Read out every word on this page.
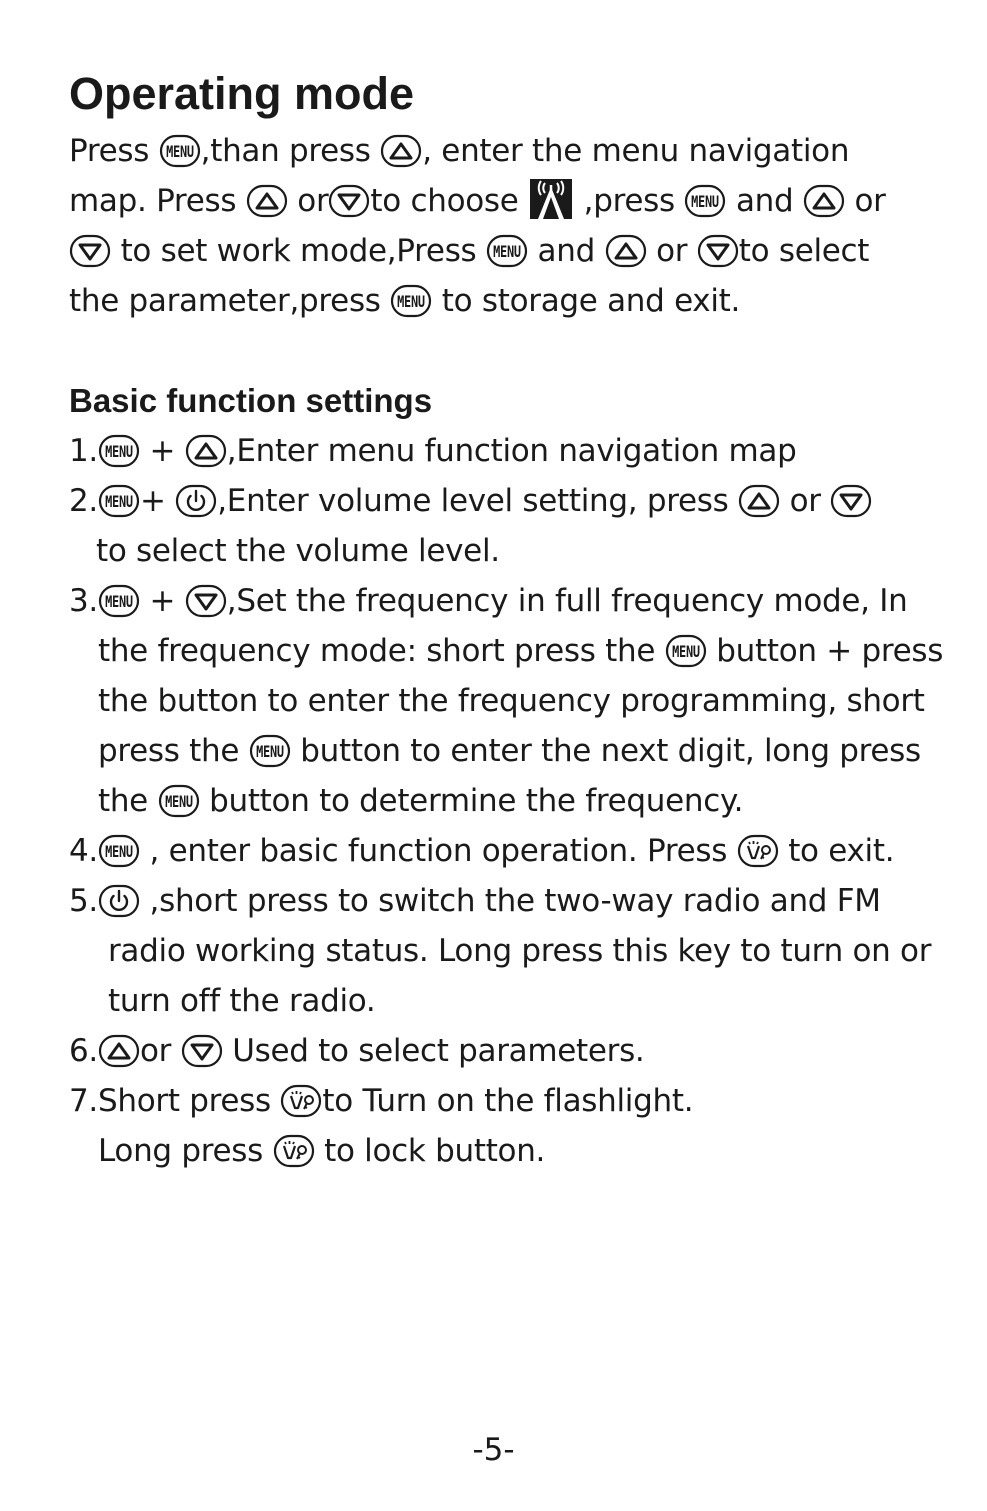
Operating mode
Press ,than press , enter the menu navigation
map. Press or to choose ,press and or
to set work mode,Press and or to select
the parameter,press to storage and exit.
Basic function settings
1.	+ ,Enter menu function navigation map
2.	+ ,Enter volume level setting, press or
to select the volume level.
3.	+ ,Set the frequency in full frequency mode, In
the frequency mode: short press the button + press
the button to enter the frequency programming, short
press the button to enter the next digit, long press
the button to determine the frequency.
4.	, enter basic function operation. Press to exit.
5.	,short press to switch the two-way radio and FM
radio working status. Long press this key to turn on or
turn off the radio.
6.	or Used to select parameters.
7. Short press to Turn on the flashlight.
Long press to lock button.
-5-
